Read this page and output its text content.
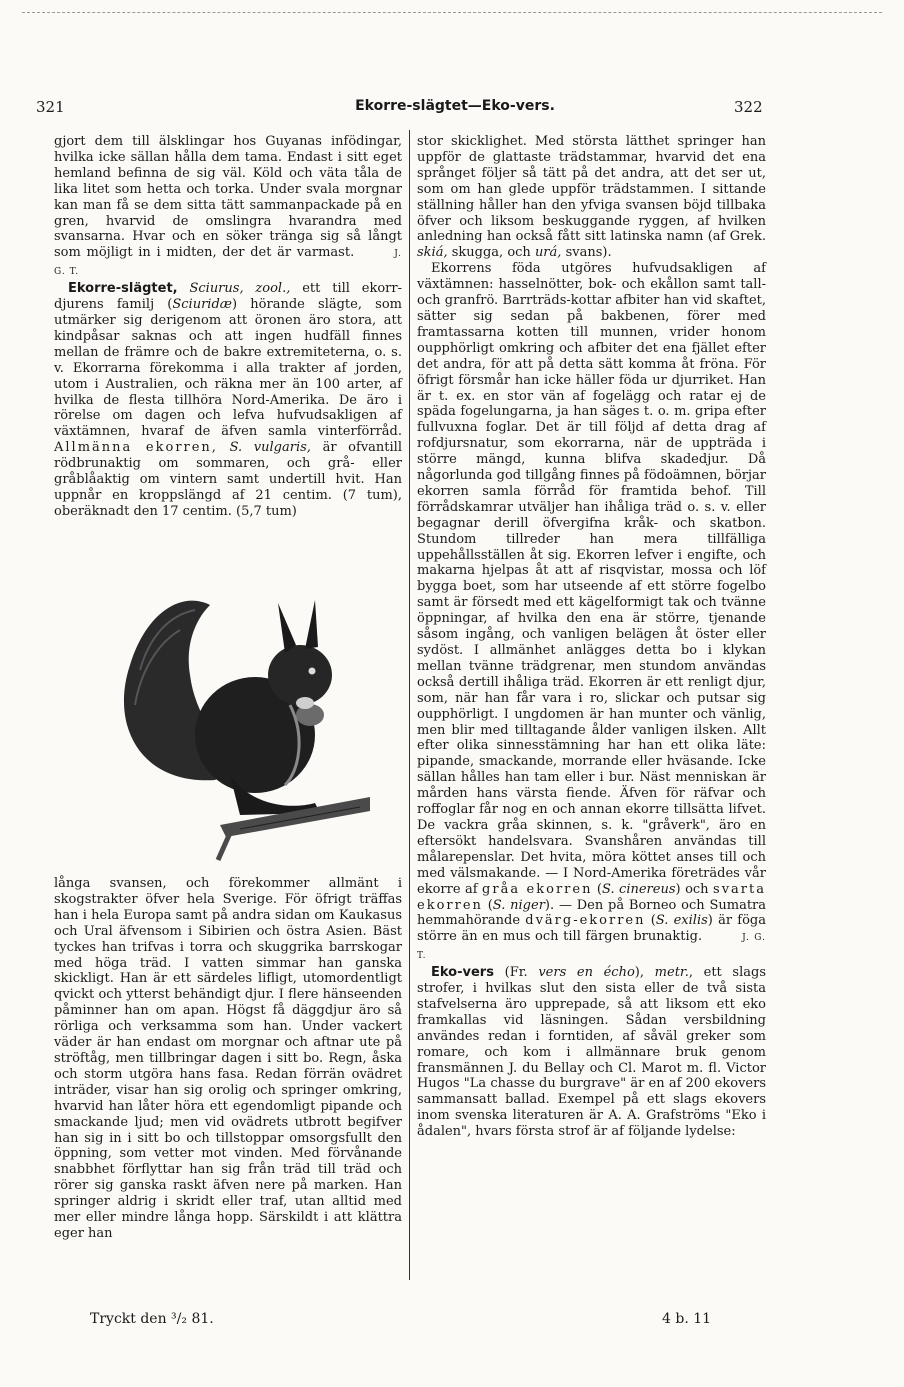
321	Ekorre-slägtet—Eko-vers.	322

gjort dem till älsklingar hos Guyanas infödingar, hvilka icke sällan hålla dem tama. Endast i sitt eget hemland befinna de sig väl. Köld och väta tåla de lika litet som hetta och torka. Under svala morgnar kan man få se dem sitta tätt sammanpackade på en gren, hvarvid de omslingra hvarandra med svansarna. Hvar och en söker tränga sig så långt som möjligt in i midten, der det är varmast.	J. G. T.

Ekorre-slägtet, Sciurus, zool., ett till ekorr-djurens familj (Sciuridæ) hörande slägte, som utmärker sig derigenom att öronen äro stora, att kindpåsar saknas och att ingen hudfäll finnes mellan de främre och de bakre extremiteterna, o. s. v. Ekorrarna förekomma i alla trakter af jorden, utom i Australien, och räkna mer än 100 arter, af hvilka de flesta tillhöra Nord-Amerika. De äro i rörelse om dagen och lefva hufvudsakligen af växtämnen, hvaraf de äfven samla vinterförråd. Allmänna ekorren, S. vulgaris, är ofvantill rödbrunaktig om sommaren, och grå- eller gråblåaktig om vintern samt undertill hvit. Han uppnår en kroppslängd af 21 centim. (7 tum), oberäknadt den 17 centim. (5,7 tum)

långa svansen, och förekommer allmänt i skogstrakter öfver hela Sverige. För öfrigt träffas han i hela Europa samt på andra sidan om Kaukasus och Ural äfvensom i Sibirien och östra Asien. Bäst tyckes han trifvas i torra och skuggrika barrskogar med höga träd. I vatten simmar han ganska skickligt. Han är ett särdeles lifligt, utomordentligt qvickt och ytterst behändigt djur. I flere hänseenden påminner han om apan. Högst få däggdjur äro så rörliga och verksamma som han. Under vackert väder är han endast om morgnar och aftnar ute på ströftåg, men tillbringar dagen i sitt bo. Regn, åska och storm utgöra hans fasa. Redan förrän ovädret inträder, visar han sig orolig och springer omkring, hvarvid han låter höra ett egendomligt pipande och smackande ljud; men vid ovädrets utbrott begifver han sig in i sitt bo och tillstoppar omsorgsfullt den öppning, som vetter mot vinden. Med förvånande snabbhet förflyttar han sig från träd till träd och rörer sig ganska raskt äfven nere på marken. Han springer aldrig i skridt eller traf, utan alltid med mer eller mindre långa hopp. Särskildt i att klättra eger han

stor skicklighet. Med största lätthet springer han uppför de glattaste trädstammar, hvarvid det ena språnget följer så tätt på det andra, att det ser ut, som om han glede uppför trädstammen. I sittande ställning håller han den yfviga svansen böjd tillbaka öfver och liksom beskuggande ryggen, af hvilken anledning han också fått sitt latinska namn (af Grek. skiá, skugga, och urá, svans).

Ekorrens föda utgöres hufvudsakligen af växtämnen: hasselnötter, bok- och ekållon samt tall- och granfrö. Barrträds-kottar afbiter han vid skaftet, sätter sig sedan på bakbenen, förer med framtassarna kotten till munnen, vrider honom oupphörligt omkring och afbiter det ena fjället efter det andra, för att på detta sätt komma åt fröna. För öfrigt försmår han icke häller föda ur djurriket. Han är t. ex. en stor vän af fogelägg och ratar ej de späda fogelungarna, ja han säges t. o. m. gripa efter fullvuxna foglar. Det är till följd af detta drag af rofdjursnatur, som ekorrarna, när de uppträda i större mängd, kunna blifva skadedjur. Då någorlunda god tillgång finnes på födoämnen, börjar ekorren samla förråd för framtida behof. Till förrådskamrar utväljer han ihåliga träd o. s. v. eller begagnar derill öfvergifna kråk- och skatbon. Stundom tillreder han mera tillfälliga uppehållsställen åt sig. Ekorren lefver i engifte, och makarna hjelpas åt att af risqvistar, mossa och löf bygga boet, som har utseende af ett större fogelbo samt är försedt med ett kägelformigt tak och tvänne öppningar, af hvilka den ena är större, tjenande såsom ingång, och vanligen belägen åt öster eller sydöst. I allmänhet anlägges detta bo i klykan mellan tvänne trädgrenar, men stundom användas också dertill ihåliga träd. Ekorren är ett renligt djur, som, när han får vara i ro, slickar och putsar sig oupphörligt. I ungdomen är han munter och vänlig, men blir med tilltagande ålder vanligen ilsken. Allt efter olika sinnesstämning har han ett olika läte: pipande, smackande, morrande eller hväsande. Icke sällan hålles han tam eller i bur. Näst menniskan är mården hans värsta fiende. Äfven för räfvar och roffoglar får nog en och annan ekorre tillsätta lifvet. De vackra gråa skinnen, s. k. "gråverk", äro en eftersökt handelsvara. Svanshåren användas till målarepenslar. Det hvita, möra köttet anses till och med välsmakande. — I Nord-Amerika företrädes vår ekorre af gråa ekorren (S. cinereus) och svarta ekorren (S. niger). — Den på Borneo och Sumatra hemmahörande dvärg-ekorren (S. exilis) är föga större än en mus och till färgen brunaktig.	J. G. T.

Eko-vers (Fr. vers en écho), metr., ett slags strofer, i hvilkas slut den sista eller de två sista stafvelserna äro upprepade, så att liksom ett eko framkallas vid läsningen. Sådan versbildning användes redan i forntiden, af såväl greker som romare, och kom i allmännare bruk genom fransmännen J. du Bellay och Cl. Marot m. fl. Victor Hugos "La chasse du burgrave" är en af 200 ekovers sammansatt ballad. Exempel på ett slags ekovers inom svenska literaturen är A. A. Grafströms "Eko i ådalen", hvars första strof är af följande lydelse:

Tryckt den ³/₂ 81.	4 b. 11
